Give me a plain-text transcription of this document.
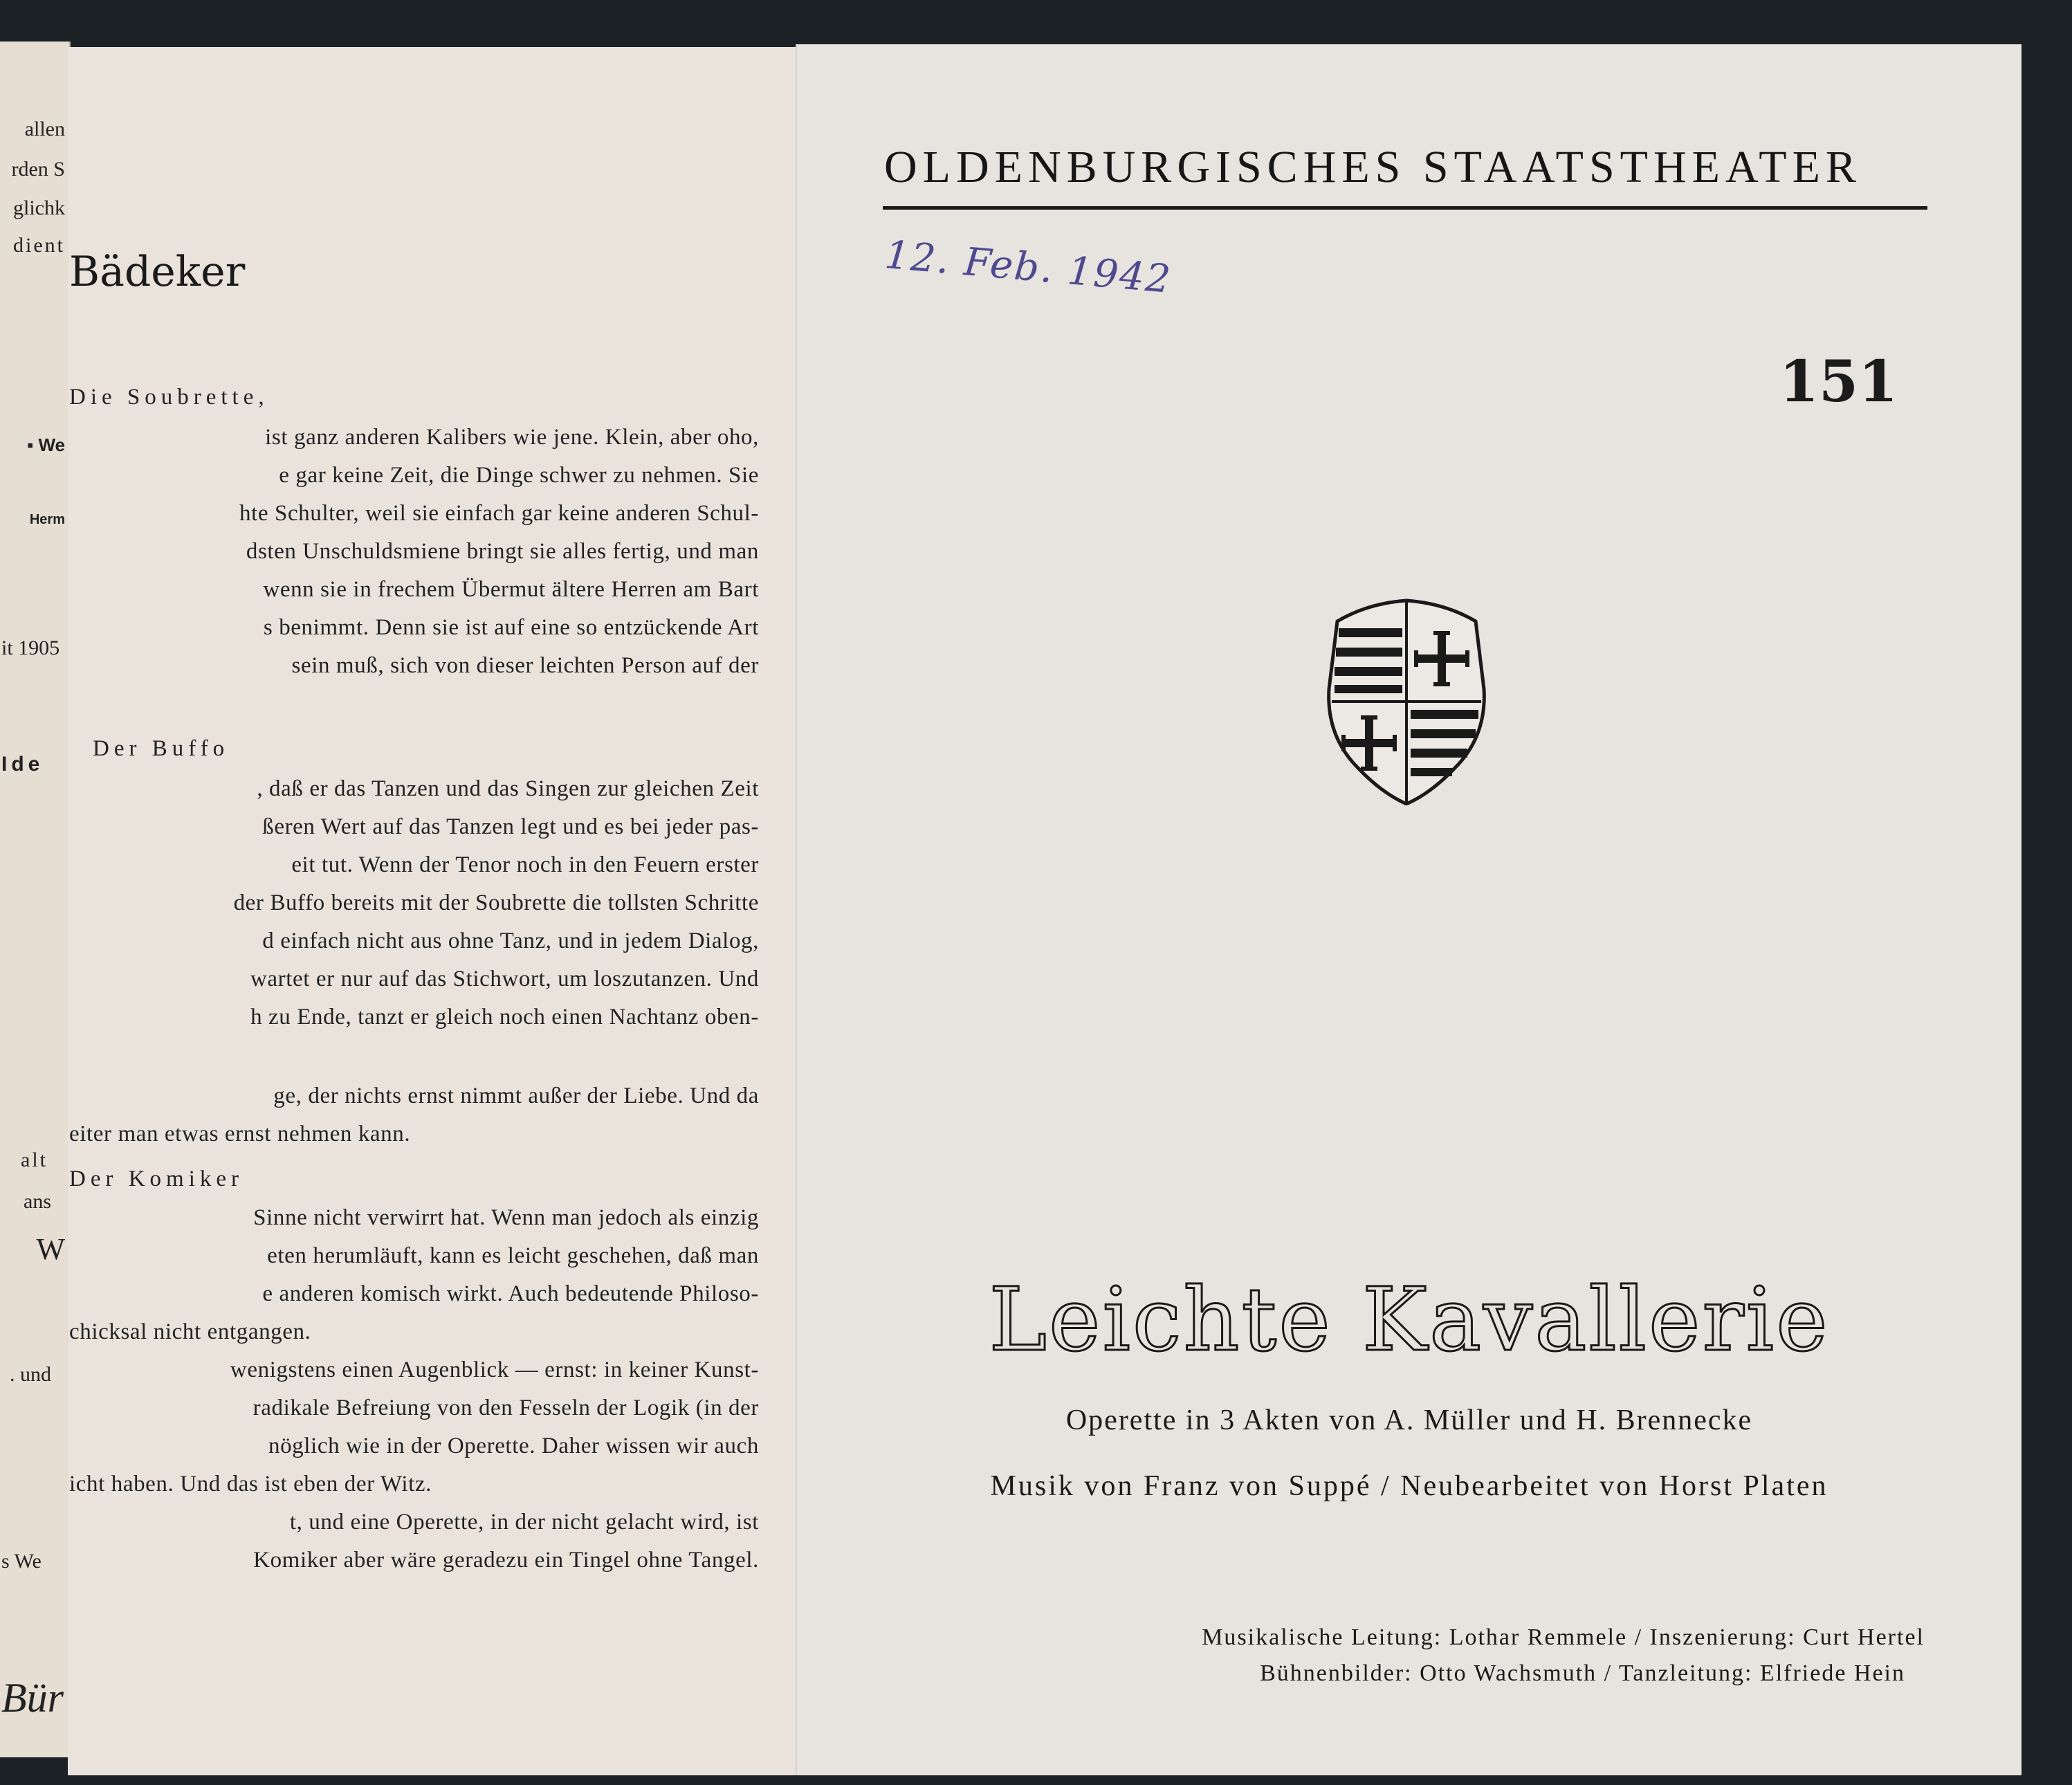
allen
rden S
glichk
dient
▪ We
Herm
it 1905
Ide
alt
ans
W
. und
s We
Bür
Bädeker
Die Soubrette,
ist ganz anderen Kalibers wie jene. Klein, aber oho,
e gar keine Zeit, die Dinge schwer zu nehmen. Sie
hte Schulter, weil sie einfach gar keine anderen Schul-
dsten Unschuldsmiene bringt sie alles fertig, und man
wenn sie in frechem Übermut ältere Herren am Bart
s benimmt. Denn sie ist auf eine so entzückende Art
sein muß, sich von dieser leichten Person auf der
Der Buffo
, daß er das Tanzen und das Singen zur gleichen Zeit
ßeren Wert auf das Tanzen legt und es bei jeder pas-
eit tut. Wenn der Tenor noch in den Feuern erster
der Buffo bereits mit der Soubrette die tollsten Schritte
d einfach nicht aus ohne Tanz, und in jedem Dialog,
wartet er nur auf das Stichwort, um loszutanzen. Und
h zu Ende, tanzt er gleich noch einen Nachtanz oben-
ge, der nichts ernst nimmt außer der Liebe. Und da
eiter man etwas ernst nehmen kann.
Der Komiker
Sinne nicht verwirrt hat. Wenn man jedoch als einzig
eten herumläuft, kann es leicht geschehen, daß man
e anderen komisch wirkt. Auch bedeutende Philoso-
chicksal nicht entgangen.
wenigstens einen Augenblick — ernst: in keiner Kunst-
radikale Befreiung von den Fesseln der Logik (in der
nöglich wie in der Operette. Daher wissen wir auch
icht haben. Und das ist eben der Witz.
t, und eine Operette, in der nicht gelacht wird, ist
Komiker aber wäre geradezu ein Tingel ohne Tangel.
OLDENBURGISCHES STAATSTHEATER
12. Feb. 1942
151
Leichte Kavallerie
Operette in 3 Akten von A. Müller und H. Brennecke
Musik von Franz von Suppé / Neubearbeitet von Horst Platen
Musikalische Leitung: Lothar Remmele / Inszenierung: Curt Hertel
Bühnenbilder: Otto Wachsmuth / Tanzleitung: Elfriede Hein
